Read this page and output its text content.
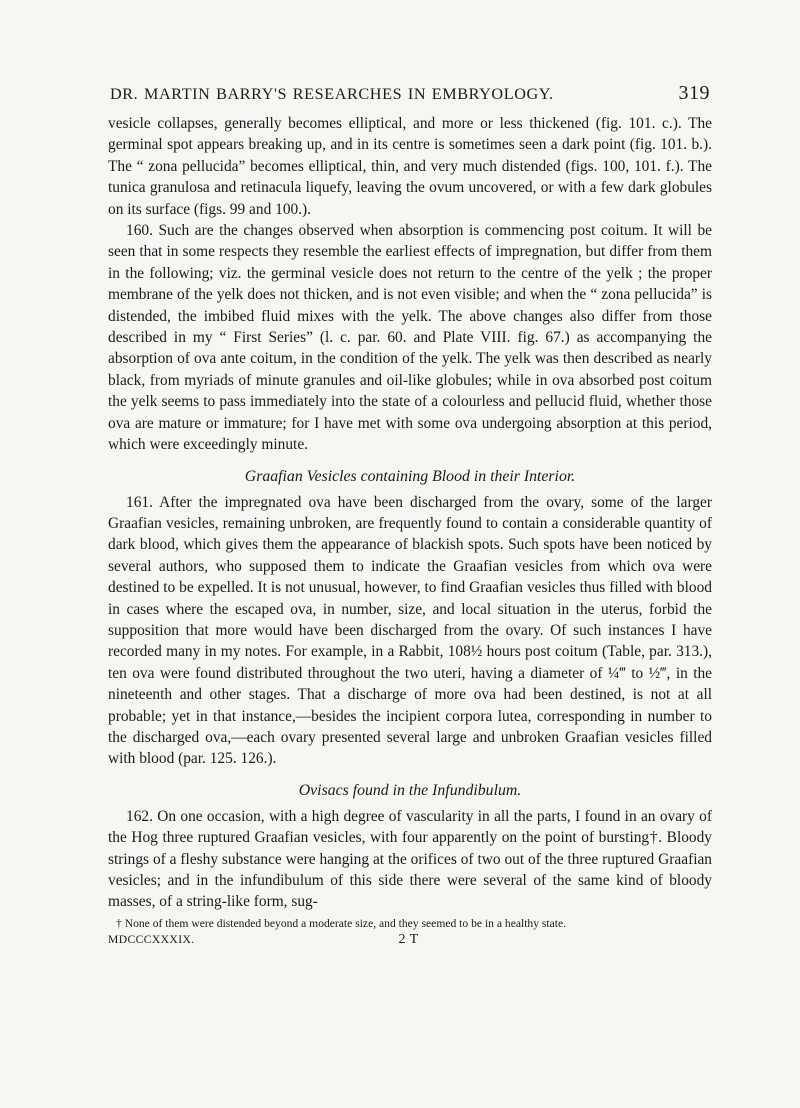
DR. MARTIN BARRY'S RESEARCHES IN EMBRYOLOGY.	319

vesicle collapses, generally becomes elliptical, and more or less thickened (fig. 101. c.). The germinal spot appears breaking up, and in its centre is sometimes seen a dark point (fig. 101. b.). The “ zona pellucida” becomes elliptical, thin, and very much distended (figs. 100, 101. f.). The tunica granulosa and retinacula liquefy, leaving the ovum uncovered, or with a few dark globules on its surface (figs. 99 and 100.).

160. Such are the changes observed when absorption is commencing post coitum. It will be seen that in some respects they resemble the earliest effects of impregnation, but differ from them in the following; viz. the germinal vesicle does not return to the centre of the yelk ; the proper membrane of the yelk does not thicken, and is not even visible; and when the “ zona pellucida” is distended, the imbibed fluid mixes with the yelk. The above changes also differ from those described in my “ First Series” (l. c. par. 60. and Plate VIII. fig. 67.) as accompanying the absorption of ova ante coitum, in the condition of the yelk. The yelk was then described as nearly black, from myriads of minute granules and oil-like globules; while in ova absorbed post coitum the yelk seems to pass immediately into the state of a colourless and pellucid fluid, whether those ova are mature or immature; for I have met with some ova undergoing absorption at this period, which were exceedingly minute.

Graafian Vesicles containing Blood in their Interior.

161. After the impregnated ova have been discharged from the ovary, some of the larger Graafian vesicles, remaining unbroken, are frequently found to contain a considerable quantity of dark blood, which gives them the appearance of blackish spots. Such spots have been noticed by several authors, who supposed them to indicate the Graafian vesicles from which ova were destined to be expelled. It is not unusual, however, to find Graafian vesicles thus filled with blood in cases where the escaped ova, in number, size, and local situation in the uterus, forbid the supposition that more would have been discharged from the ovary. Of such instances I have recorded many in my notes. For example, in a Rabbit, 108½ hours post coitum (Table, par. 313.), ten ova were found distributed throughout the two uteri, having a diameter of ¼‴ to ½‴, in the nineteenth and other stages. That a discharge of more ova had been destined, is not at all probable; yet in that instance,—besides the incipient corpora lutea, corresponding in number to the discharged ova,—each ovary presented several large and unbroken Graafian vesicles filled with blood (par. 125. 126.).

Ovisacs found in the Infundibulum.

162. On one occasion, with a high degree of vascularity in all the parts, I found in an ovary of the Hog three ruptured Graafian vesicles, with four apparently on the point of bursting†. Bloody strings of a fleshy substance were hanging at the orifices of two out of the three ruptured Graafian vesicles; and in the infundibulum of this side there were several of the same kind of bloody masses, of a string-like form, sug-

† None of them were distended beyond a moderate size, and they seemed to be in a healthy state.
MDCCCXXXIX.	2 T
